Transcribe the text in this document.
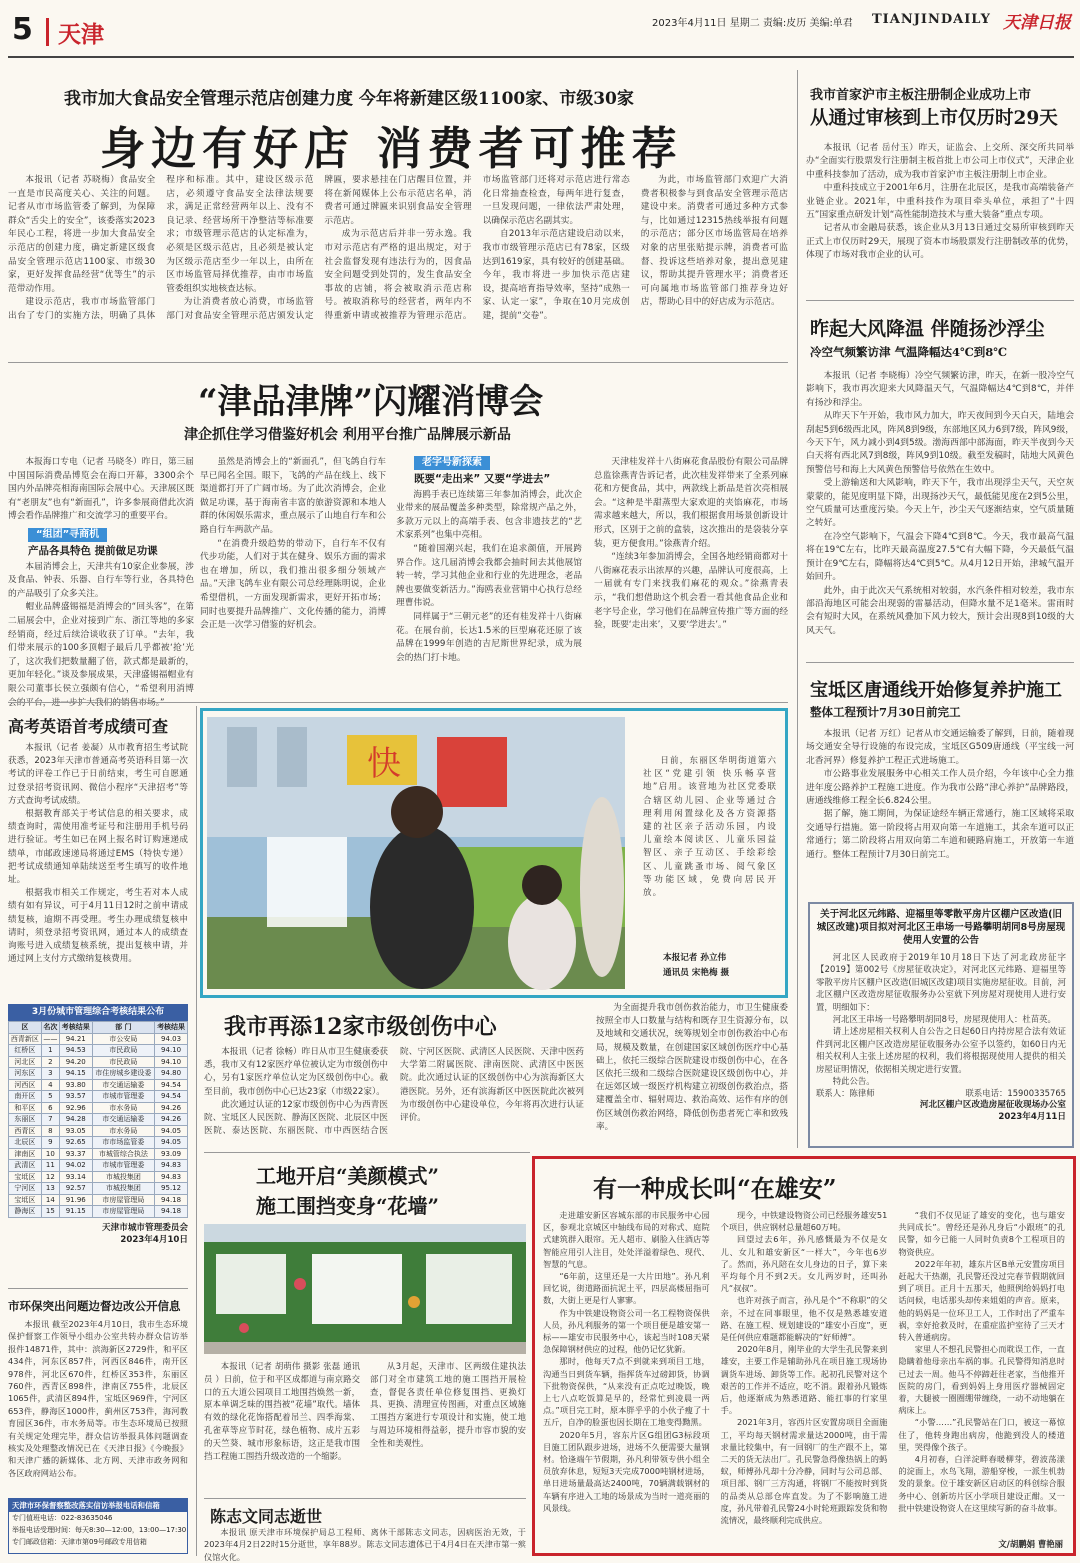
5 天津	2023年4月11日 星期二 责编:皮历 美编:单君 TIANJINDAILY 天津日报
我市加大食品安全管理示范店创建力度 今年将新建区级1100家、市级30家
身边有好店 消费者可推荐

本报讯（记者 苏晓梅）食品安全一直是市民高度关心、关注的问题。记者从市市场监管委了解到，为保障群众“舌尖上的安全”，该委落实2023年民心工程，将进一步加大食品安全示范店的创建力度，确定新建区级食品安全管理示范店1100家、市级30家，更好发挥食品经营“优等生”的示范带动作用。

建设示范店，我市市场监管部门出台了专门的实施方法，明确了具体程序和标准。其中，建设区级示范店，必须遵守食品安全法律法规要求，满足正常经营两年以上、没有不良记录、经营场所干净整洁等标准要求；市级管理示范店的认定标准为，必须是区级示范店，且必须是被认定为区级示范店至少一年以上，由所在区市场监管局择优推荐，由市市场监管委组织实地核查达标。

为让消费者放心消费，市场监管部门对食品安全管理示范店颁发认定牌匾，要求悬挂在门店醒目位置，并将在新闻媒体上公布示范店名单，消费者可通过牌匾来识别食品安全管理示范店。

成为示范店后并非一劳永逸。我市对示范店有严格的退出规定，对于社会监督发现有违法行为的，因食品安全问题受到处罚的，发生食品安全事故的店铺，将会被取消示范店称号。被取消称号的经营者，两年内不得重新申请或被推荐为管理示范店。市场监管部门还将对示范店进行常态化日常抽查检查，每两年进行复查，一旦发现问题，一律依法严肃处理，以确保示范店名副其实。

自2013年示范店建设启动以来，我市市级管理示范店已有78家，区级达到1619家，具有较好的创建基础。今年，我市将进一步加快示范店建设，提高培育指导效率，坚持“成熟一家、认定一家”，争取在10月完成创建，提前“交卷”。

为此，市场监管部门欢迎广大消费者积极参与到食品安全管理示范店建设中来。消费者可通过多种方式参与，比如通过12315热线举报有问题的示范店；部分区市场监管局在培养对象的店里张贴提示牌，消费者可监督、投诉这些培养对象，提出意见建议，帮助其提升管理水平；消费者还可向属地市场监管部门推荐身边好店，帮助心目中的好店成为示范店。

“津品津牌”闪耀消博会
津企抓住学习借鉴好机会 利用平台推广品牌展示新品

本报海口专电（记者 马晓冬）昨日，第三届中国国际消费品博览会在海口开幕，3300余个国内外品牌亮相海南国际会展中心。天津展区既有“老朋友”也有“新面孔”，许多参展商借此次消博会看作品牌推广和交流学习的重要平台。

“组团”寻商机
产品各具特色 提前做足功课

本届消博会上，天津共有10家企业参展，涉及食品、钟表、乐器、自行车等行业，各具特色的产品吸引了众多关注。

帽业品牌盛锡福是消博会的“回头客”，在第二届展会中，企业对接到广东、浙江等地的多家经销商，经过后续洽谈收获了订单。“去年，我们带来展示的100多顶帽子最后几乎都被‘抢’光了，这次我们把数量翻了倍，款式都是最新的，更加年轻化。”谈及参展成果，天津盛锡福帽业有限公司董事长侯立强颇有信心，“希望利用消博

虽然是消博会上的“新面孔”，但飞鸽自行车早已闻名全国。眼下，飞鸽的产品在线上、线下渠道都打开了广阔市场。为了此次消博会，企业做足功课，基于海南省丰富的旅游资源和本地人群的休闲娱乐需求，重点展示了山地自行车和公路自行车两款产品。

“在消费升级趋势的带动下，自行车不仅有代步功能，人们对于其在健身、娱乐方面的需求也在增加，所以，我们推出很多细分领域产品。”天津飞鸽车业有限公司总经理陈明说，企业希望借机，一方面发现新需求，更好开拓市场；同时也要提升品牌推广、文化传播的能力，消博会正是一次学习借鉴的好机会。

老字号新探索
既要“走出来” 又要“学进去”

海鸥手表已连续第三年参加消博会，此次企业带来的展品覆盖多种类型，除常规产品之外，多款万元以上的高端手表、包含非遗技艺的“艺术家系列”也集中亮相。

“随着国潮兴起，我们在追求颜值，开展跨界合作。这几届消博会我都会抽时间去其他展馆转一转，学习其他企业和行业的先进理念，老品牌也要做变新活力。”海鸥表业营销中心执行总经理曹伟说。

同样属于“三朝元老”的还有桂发祥十八街麻花。在展台前，长达1.5米的巨型麻花还原了该品牌在1999年创造的吉尼斯世界纪录，成为展会的热门打卡地。

天津桂发祥十八街麻花食品股份有限公司品牌总监徐燕青告诉记者，此次桂发祥带来了全系列麻花和方便食品，其中，两款线上新品是首次亮相展会。“这种是半甜蒸型大家欢迎的夹馅麻花，市场需求越来越大，所以，我们根据食用场景创新设计形式，区别于之前的盒装，这次推出的是袋装分享装，更方便食用。”徐燕青介绍。

“连续3年参加消博会，全国各地经销商都对十八街麻花表示出浓厚的兴趣，品牌认可度很高，上一届就有专门来找我们麻花的观众。”徐燕青表示，“我们想借助这个机会看一看其他食品企业和老字号企业，学习他们在品牌宣传推广等方面的经验，既要‘走出来’，又要‘学进去’。”

我市首家沪市主板注册制企业成功上市
从通过审核到上市仅历时29天

本报讯（记者 岳付玉）昨天，证监会、上交所、深交所共同举办“全面实行股票发行注册制主板首批上市公司上市仪式”，天津企业中重科技参加了活动，成为我市首家沪市主板注册制上市企业。

中重科技成立于2001年6月，注册在北辰区，是我市高端装备产业链企业。2021年，中重科技作为项目牵头单位，承担了“十四五”国家重点研发计划“高性能制造技术与重大装备”重点专项。

记者从市金融局获悉，该企业从3月13日通过交易所审核到昨天正式上市仅历时29天，展现了资本市场股票发行注册制改革的优势，体现了市场对我市企业的认可。

昨起大风降温 伴随扬沙浮尘
冷空气频繁访津 气温降幅达4℃到8℃

本报讯（记者 李晓梅）冷空气频繁访津，昨天，在新一股冷空气影响下，我市再次迎来大风降温天气，气温降幅达4℃到8℃，并伴有扬沙和浮尘。

从昨天下午开始，我市风力加大，昨天夜间到今天白天，陆地会刮起5到6级西北风，阵风8到9级，东部地区风力6到7级，阵风9级，今天下午，风力减小到4到5级。渤海西部中部海面，昨天半夜到今天白天将有西北风7到8级，阵风9到10级。截至发稿时，陆地大风黄色预警信号和海上大风黄色预警信号依然在生效中。

受上游输送和大风影响，昨天下午，我市出现浮尘天气，天空灰蒙蒙的，能见度明显下降，出现扬沙天气，最低能见度在2到5公里，空气质量可达重度污染。今天上午，沙尘天气逐渐结束，空气质量随之转好。

在冷空气影响下，气温会下降4℃到8℃。今天，我市最高气温将在19℃左右，比昨天最高温度27.5℃有大幅下降，今天最低气温预计在9℃左右，降幅将达4℃到5℃。从4月12日开始，津城气温开始回升。

此外，由于此次天气系统相对较弱，水汽条件相对较差，我市东部沿海地区可能会出现弱的雷暴活动，但降水量不足1毫米。雷雨时会有短时大风，在系统风叠加下风力较大，预计会出现8到10级的大风天气。

宝坻区唐通线开始修复养护施工
整体工程预计7月30日前完工

本报讯（记者 万红）记者从市交通运输委了解到，日前，随着现场交通安全导行设施的布设完成，宝坻区G509唐通线（平宝线一河北香河界）修复养护工程正式进场施工。

市公路事业发展服务中心相关工作人员介绍，今年该中心全力推进年度公路养护工程施工进度。作为我市公路“津心养护”品牌路段，唐通线维修工程全长6.824公里。

据了解，施工期间，为保证途经车辆正常通行，施工区域将采取交通导行措施。第一阶段将占用双向第一车道施工，其余车道可以正常通行；第二阶段将占用双向第二车道和硬路肩施工，开放第一车道通行。整体工程预计7月30日前完工。

关于河北区元纬路、迎福里等零散平房片区棚户区改造(旧城区改建)项目拟对河北区王串场一号路攀明胡同8号房屋现使用人安置的公告

河北区人民政府于2019年10月18日下达了河北政房征字【2019】第002号《房屋征收决定》，对河北区元纬路、迎福里等零散平房片区棚户区改造(旧城区改建)项目实施房屋征收。目前，河北区棚户区改造房屋征收服务办公室就下列房屋对现使用人进行安置，明细如下：

河北区王串场一号路攀明胡同8号，房屋现使用人：杜苗英。

请上述房屋相关权利人自公告之日起60日内持房屋合法有效证件到河北区棚户区改造房屋征收服务办公室予以签约，如60日内无相关权利人主张上述房屋的权利，我们将根据现使用人提供的相关房屋证明情况，依据相关规定进行安置。

特此公告。

联系人：陈律师	联系电话：15900335765
河北区棚户区改造房屋征收现场办公室
2023年4月11日
高考英语首考成绩可查

本报讯（记者 姜凝）从市教育招生考试院获悉，2023年天津市普通高考英语科目第一次考试的评卷工作已于日前结束，考生可自愿通过登录招考资讯网、微信小程序“天津招考”等方式查询考试成绩。

根据教育部关于考试信息的相关要求，成绩查询时，需使用准考证号和注册用手机号码进行验证。考生如已在网上报名时订购速递成绩单，市邮政速递局将通过EMS（特快专递）把考试成绩通知单陆续送至考生填写的收件地址。

根据我市相关工作规定，考生若对本人成绩有如有异议，可于4月11日12时之前申请成绩复核，逾期不再受理。考生办理成绩复核申请时，须登录招考资讯网，通过本人的成绩查询账号进入成绩复核系统，提出复核申请，并通过网上支付方式缴纳复核费用。

3月份城市管理综合考核结果公布
区	名次	考核结果	部 门	考核结果
西青新区	——	94.21	市公安局	94.03
红桥区	1	94.53	市民政局	94.10
河北区	2	94.20	市民政局	94.10
河东区	3	94.15	市住房城乡建设委	94.80
河西区	4	93.80	市交通运输委	94.54
南开区	5	93.57	市城市管理委	94.54
和平区	6	92.96	市水务局	94.26
东丽区	7	94.28	市交通运输委	94.26
西青区	8	93.05	市水务局	94.05
北辰区	9	92.65	市市场监管委	94.05
津南区	10	93.37	市城管综合执法	93.09
武清区	11	94.02	市城市管理委	94.83
宝坻区	12	93.14	市城投集团	94.83
宁河区	13	92.57	市城投集团	95.12
宝坻区	14	91.96	市房屋管理局	94.18
静海区	15	91.15	市房屋管理局	94.18
天津市城市管理委员会
2023年4月10日
市环保突出问题边督边改公开信息

本报讯 截至2023年4月10日，我市生态环境保护督察工作领导小组办公室共转办群众信访举报件14871件，其中：滨海新区2729件，和平区434件，河东区857件，河西区846件，南开区978件，河北区670件，红桥区353件，东丽区760件，西青区898件，津南区755件，北辰区1065件，武清区894件，宝坻区969件，宁河区653件，静海区1000件，蓟州区753件，海河教育园区36件，市水务局等。市生态环境局已按照有关规定处理完毕，群众信访举报具体问题调查核实及处理整改情况已在《天津日报》《今晚报》和天津广播的新媒体、北方网、天津市政务网和各区政府网站公布。

天津市环保督察整改落实信访举报电话和信箱
专门值班电话：022-83635046
举报电话受理时间：每天8:30—12:00，13:00—17:30
专门邮政信箱：天津市第09号邮政专用信箱
快	日前，东丽区华明街道第六社区“党建引领 快乐畅享营地”启用。该营地为社区党委联合辖区幼儿园、企业等通过合理利用闲置绿化及各方资源搭建的社区亲子活动乐园，内设儿童绘本阅读区、儿童乐园益智区、亲子互动区、手绘彩绘区、儿童跳蚤市场、阅气象区等功能区域，免费向居民开放。

本报记者 孙立伟
通讯员 宋艳梅 摄
我市再添12家市级创伤中心

本报讯（记者 徐畅）昨日从市卫生健康委获悉，我市又有12家医疗单位被认定为市级创伤中心，另有1家医疗单位认定为区级创伤中心。截至目前，我市创伤中心已达23家（市级22家）。

此次通过认证的12家市级创伤中心为西青医院、宝坻区人民医院、静海区医院、北辰区中医医院、泰达医院、东丽医院、市中西医结合医院、宁河区医院、武清区人民医院、天津中医药大学第二附属医院、津南医院、武清区中医医院。此次通过认证的区级创伤中心为滨海新区大港医院。另外，还有滨海新区中医医院此次被列为市级创伤中心建设单位，今年将再次进行认证评价。

为全面提升我市创伤救治能力，市卫生健康委按照全市人口数量与结构和既存卫生资源分布，以及地域和交通状况，统筹规划全市创伤救治中心布局，规模及数量，在创建国家区域创伤医疗中心基础上，依托三级综合医院建设市级创伤中心，在各区依托三级和二级综合医院建设区级创伤中心，并在远郊区域一级医疗机构建立初级创伤救治点，搭建覆盖全市、辐射周边、救治高效、运作有序的创伤区域创伤救治网络，降低创伤患者死亡率和致残率。

工地开启“美颜模式”
施工围挡变身“花墙”

本报讯（记者 胡萌伟 摄影 张磊 通讯员 ）日前，位于和平区成都道与南京路交口的五大道公园项目工地围挡焕然一新，原本单调乏味的围挡被“花墙”取代。墙体有效的绿化花饰搭配着吊兰、四季海棠、孔雀草等应节时花，绿色植物、成片五彩的天竺葵、城市形象标语，这正是我市围挡工程施工围挡升级改造的一个缩影。

从3月起，天津市、区两级住建执法部门对全市建筑工地的施工围挡开展检查，督促各责任单位修复围挡、更换灯具、更换、清理宣传图画，对重点区域施工围挡方案进行专项设计和实施，使工地与周边环境相得益彰，提升市容市貌的安全性和美观性。

陈志文同志逝世

本报讯 原天津市环境保护局总工程师、离休干部陈志文同志，因病医治无效，于2023年4月2日22时15分逝世，享年88岁。陈志文同志遗体已于4月4日在天津市第一殡仪馆火化。

有一种成长叫“在雄安”

走进雄安新区容城东部的市民服务中心园区，参观北京城区中轴线布局的对称式、庭院式建筑群入眼帘。无人超市、刷脸入住酒店等智能应用引人注目，处处洋溢着绿色、现代、智慧的气息。

“6年前，这里还是一大片田地”。孙凡利回忆说，街道路面抗泥土平，四层高楼屈指可数，大街上更是行人寥寥。

作为中铁建设物资公司一名工程物资保供人员，孙凡利服务的第一个项目便是雄安第一标——雄安市民服务中心，该起当时108天紧急保障钢材供应的过程，他仍记忆犹新。

那时，他每天7点不到就来到项目工地，沟通当日到货车辆，指挥货车过磅卸货，协调下批物资保供，“从来没有正点吃过晚饭，晚上七八点吃饭算是早的，经常忙到凌晨一两点。”项目完工时，原本胖乎乎的小伙子瘦了十五斤，自净的脸蛋也因长期在工地变得黝黑。

2020年5月，容东片区G组团G3标段项目施工团队跟步进场，进场不久便需要大量钢材。恰逢端午节假期，孙凡利带领专供小组全员放弃休息，短短3天完成7000吨钢材进场，单日进场量最高达2400吨，70辆满载钢材的车辆有序进入工地的场景成为当时一道亮丽的风景线。

现今，中铁建设物资公司已经服务雄安51个项目，供应钢材总量超60万吨。

回望过去6年，孙凡感慨最为不仅是女儿、女儿和雄安新区“一样大”，今年也6岁了。然而，孙凡陪在女儿身边的日子，算下来平均每个月不到2天。女儿两岁时，还叫孙凡“叔叔”。

也许对孩子而言，孙凡是个“不称职”的父亲，不过在同事眼里，他不仅是熟悉雄安道路、在施工程、规划建设的“雄安小百度”，更是任何供应难题都能解决的“好师傅”。

2020年8月，刚毕业的大学生孔民警来到雄安，主要工作是辅助孙凡在项目施工现场协调货车进场、卸货等工作。起初孔民警对这个艰苦的工作并不适应，吃不消。跟着孙凡锻炼后，他逐渐成为熟悉道路、能扛事的行家里手。

2021年3月，容西片区安置房项目全面施工，平均每天钢材需求量达2000吨，由于需求量比较集中，有一回钢厂的生产跟不上，第二天的货无法出厂。孔民警急得像热锅上的蚂蚁，师傅孙凡却十分冷静，同时与公司总部、项目部、钢厂三方沟通，将钢厂不能按时到货的品类从总部仓库直发。为了不影响施工进度，孙凡带着孔民警24小时轮班跟踪发货和物流情况，最终顺利完成供应。

“我们不仅见证了雄安的变化，也与雄安共同成长”。曾经还是孙凡身后“小跟班”的孔民警，如今已能一人同时负责8个工程项目的物资供应。

2022年年初，雄东片区B单元安置房项目赶起大干热潮，孔民警还没过完春节假期就回到了项目。正月十五那天，他照例给妈妈打电话问候，电话那头却传来姐姐的声音。原来，他的妈妈是一位环卫工人，工作时出了严重车祸，幸好抢救及时，在重症监护室待了三天才转入普通病房。

家里人不想孔民警担心而耽误工作，一直隐瞒着他母亲出车祸的事。孔民警得知消息时已过去一周。他马不停蹄赶往老家，当他推开医院的房门，看到妈妈上身用医疗器械固定着，大腿被一圈圈绷带缠绕，一动不动地躺在病床上。

“小警……”孔民警站在门口，被这一幕惊住了，他转身跑出病房，他跪到没人的楼道里，哭得像个孩子。

4月初春，白洋淀畔春暖柳芽，碧波荡漾的淀面上，水鸟飞翔，游船穿梭，一派生机勃发的景象。位于雄安新区启动区的科创综合服务中心、创新坊片区小学项目建设正酣。又一批中铁建设物资人在这里续写新的奋斗故事。

文/胡鹏娟 曹艳丽
